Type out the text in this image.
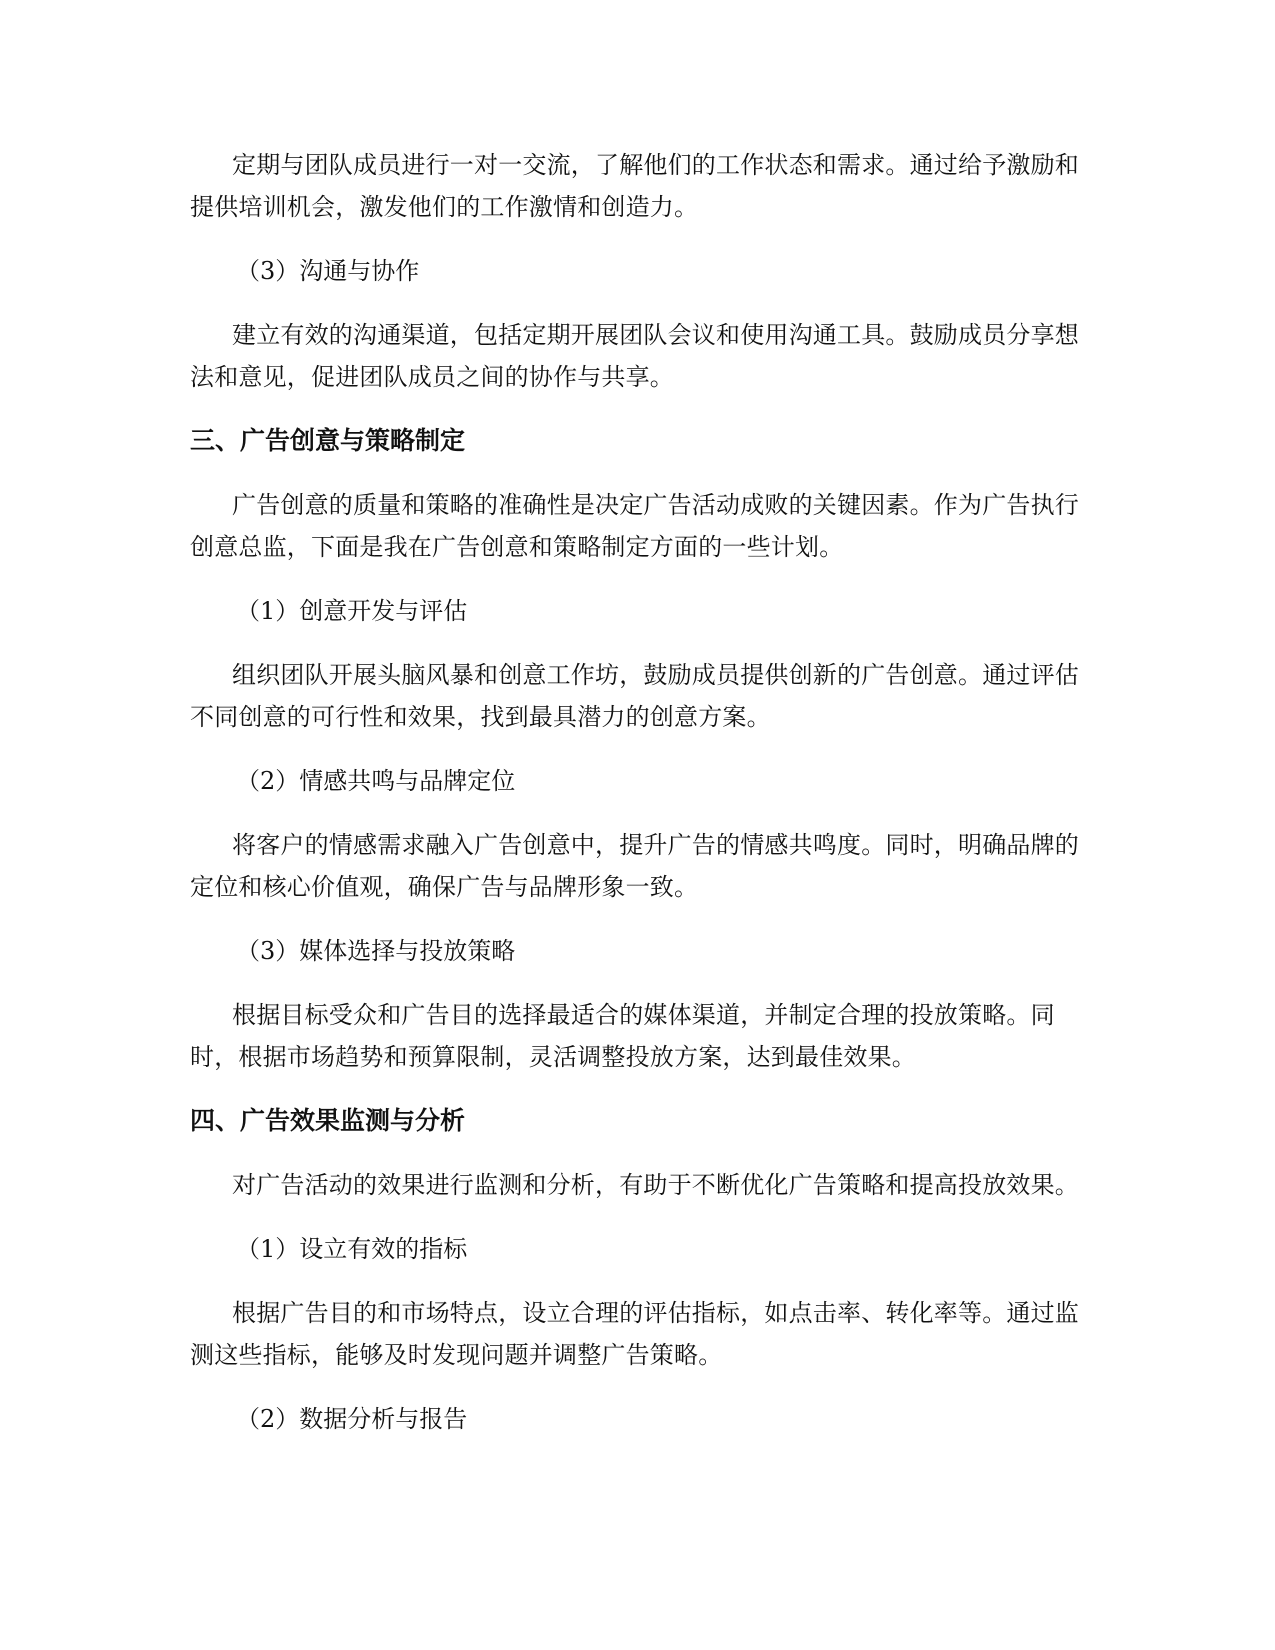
定期与团队成员进行一对一交流，了解他们的工作状态和需求。通过给予激励和提供培训机会，激发他们的工作激情和创造力。

（3）沟通与协作

建立有效的沟通渠道，包括定期开展团队会议和使用沟通工具。鼓励成员分享想法和意见，促进团队成员之间的协作与共享。

三、广告创意与策略制定

广告创意的质量和策略的准确性是决定广告活动成败的关键因素。作为广告执行创意总监，下面是我在广告创意和策略制定方面的一些计划。

（1）创意开发与评估

组织团队开展头脑风暴和创意工作坊，鼓励成员提供创新的广告创意。通过评估不同创意的可行性和效果，找到最具潜力的创意方案。

（2）情感共鸣与品牌定位

将客户的情感需求融入广告创意中，提升广告的情感共鸣度。同时，明确品牌的定位和核心价值观，确保广告与品牌形象一致。

（3）媒体选择与投放策略

根据目标受众和广告目的选择最适合的媒体渠道，并制定合理的投放策略。同时，根据市场趋势和预算限制，灵活调整投放方案，达到最佳效果。

四、广告效果监测与分析

对广告活动的效果进行监测和分析，有助于不断优化广告策略和提高投放效果。

（1）设立有效的指标

根据广告目的和市场特点，设立合理的评估指标，如点击率、转化率等。通过监测这些指标，能够及时发现问题并调整广告策略。

（2）数据分析与报告
